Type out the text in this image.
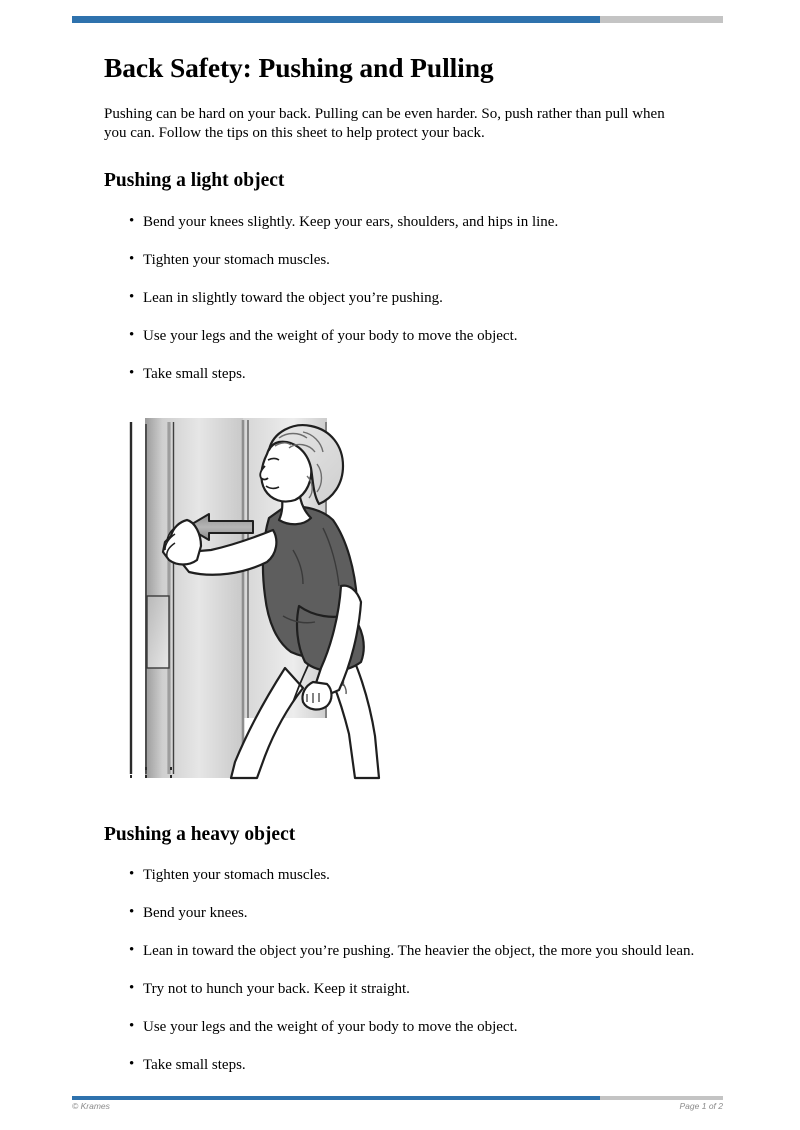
Back Safety: Pushing and Pulling

Pushing can be hard on your back. Pulling can be even harder. So, push rather than pull when you can. Follow the tips on this sheet to help protect your back.

Pushing a light object
• Bend your knees slightly. Keep your ears, shoulders, and hips in line.
• Tighten your stomach muscles.
• Lean in slightly toward the object you’re pushing.
• Use your legs and the weight of your body to move the object.
• Take small steps.
Pushing a heavy object
• Tighten your stomach muscles.
• Bend your knees.
• Lean in toward the object you’re pushing. The heavier the object, the more you should lean.
• Try not to hunch your back. Keep it straight.
• Use your legs and the weight of your body to move the object.
• Take small steps.
© Krames	Page 1 of 2
